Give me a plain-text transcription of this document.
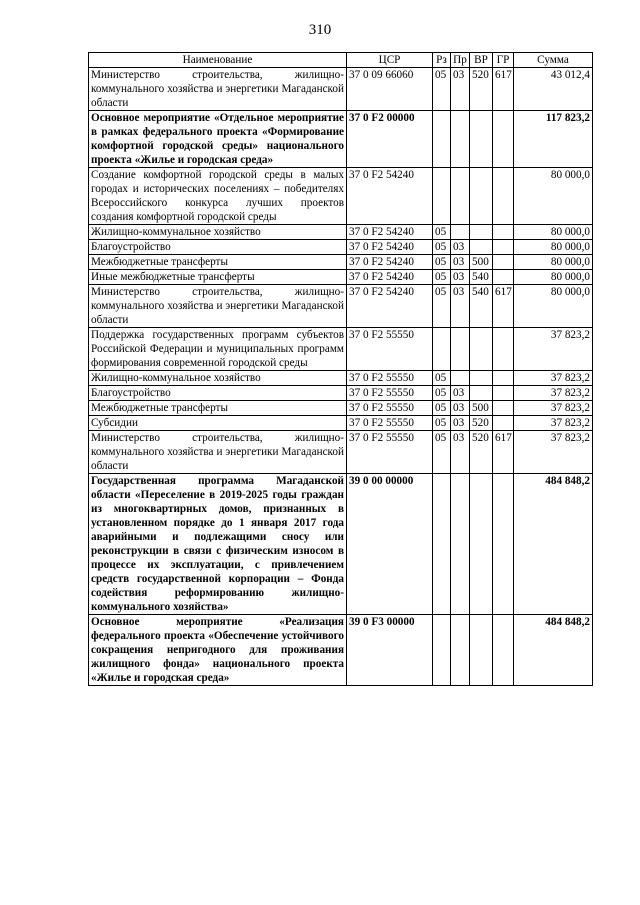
310
Наименование	ЦСР	Рз	Пр	ВР	ГР	Сумма
Министерство строительства, жилищно-коммунального хозяйства и энергетики Магаданской области	37 0 09 66060	05	03	520	617	43 012,4
Основное мероприятие «Отдельное мероприятие в рамках федерального проекта «Формирование комфортной городской среды» национального проекта «Жилье и городская среда»	37 0 F2 00000					117 823,2
Создание комфортной городской среды в малых городах и исторических поселениях – победителях Всероссийского конкурса лучших проектов создания комфортной городской среды	37 0 F2 54240					80 000,0
Жилищно-коммунальное хозяйство	37 0 F2 54240	05				80 000,0
Благоустройство	37 0 F2 54240	05	03			80 000,0
Межбюджетные трансферты	37 0 F2 54240	05	03	500		80 000,0
Иные межбюджетные трансферты	37 0 F2 54240	05	03	540		80 000,0
Министерство строительства, жилищно-коммунального хозяйства и энергетики Магаданской области	37 0 F2 54240	05	03	540	617	80 000,0
Поддержка государственных программ субъектов Российской Федерации и муниципальных программ формирования современной городской среды	37 0 F2 55550					37 823,2
Жилищно-коммунальное хозяйство	37 0 F2 55550	05				37 823,2
Благоустройство	37 0 F2 55550	05	03			37 823,2
Межбюджетные трансферты	37 0 F2 55550	05	03	500		37 823,2
Субсидии	37 0 F2 55550	05	03	520		37 823,2
Министерство строительства, жилищно-коммунального хозяйства и энергетики Магаданской области	37 0 F2 55550	05	03	520	617	37 823,2
Государственная программа Магаданской области «Переселение в 2019-2025 годы граждан из многоквартирных домов, признанных в установленном порядке до 1 января 2017 года аварийными и подлежащими сносу или реконструкции в связи с физическим износом в процессе их эксплуатации, с привлечением средств государственной корпорации – Фонда содействия реформированию жилищно-коммунального хозяйства»	39 0 00 00000					484 848,2
Основное мероприятие «Реализация федерального проекта «Обеспечение устойчивого сокращения непригодного для проживания жилищного фонда» национального проекта «Жилье и городская среда»	39 0 F3 00000					484 848,2
